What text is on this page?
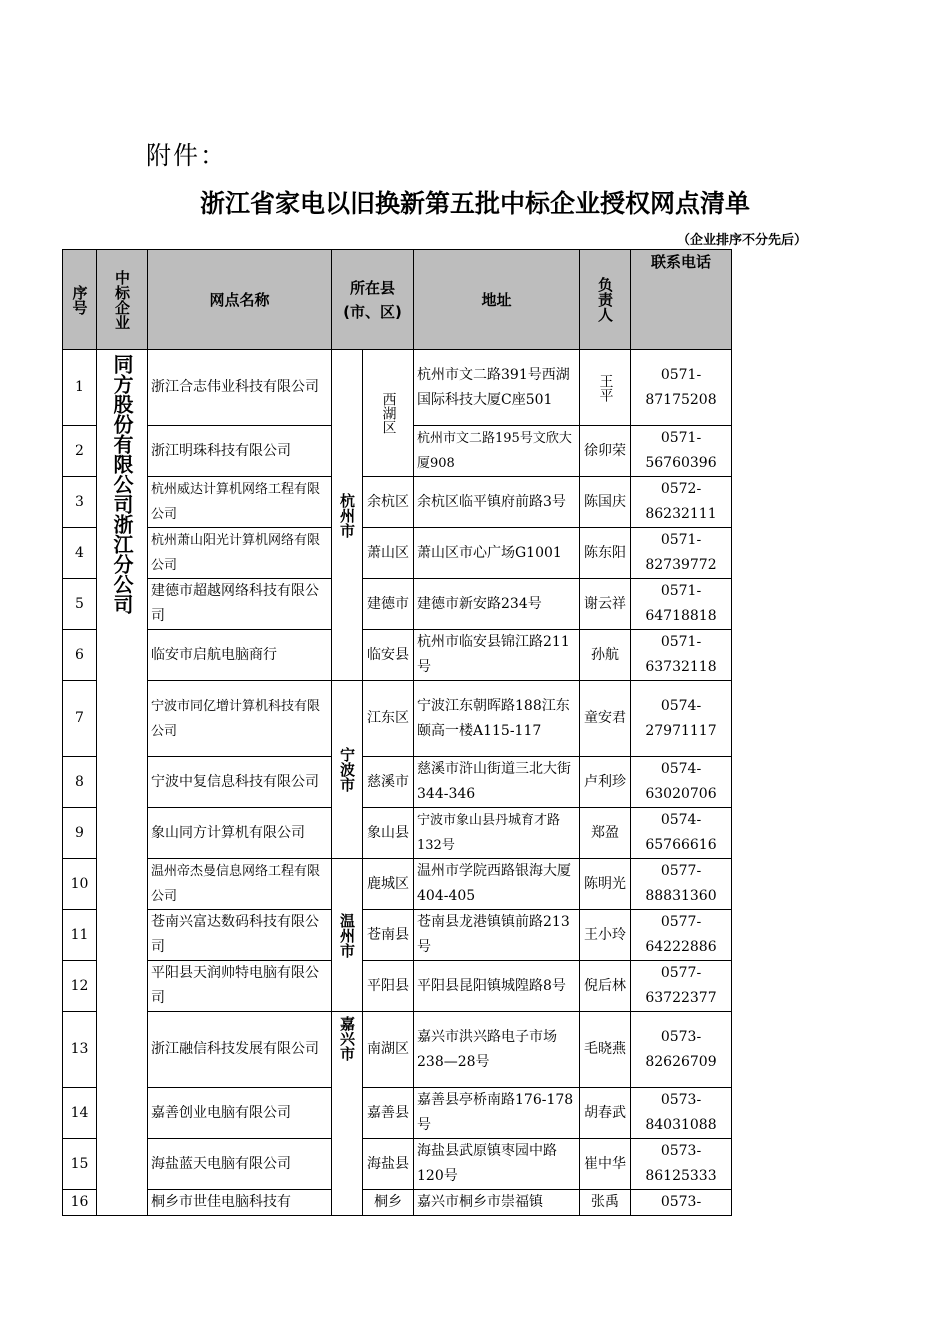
附件：
浙江省家电以旧换新第五批中标企业授权网点清单
（企业排序不分先后）
序号	中标企业	网点名称	所在县(市、区)		地址	负责人	联系电话
1	同方股份有限公司浙江分公司	浙江合志伟业科技有限公司	杭州市	西湖区	杭州市文二路391号西湖国际科技大厦C座501	王平	0571-87175208
2		浙江明珠科技有限公司			杭州市文二路195号文欣大厦908	徐卯荣	0571-56760396
3		杭州威达计算机网络工程有限公司		余杭区	余杭区临平镇府前路3号	陈国庆	0572-86232111
4		杭州萧山阳光计算机网络有限公司		萧山区	萧山区市心广场G1001	陈东阳	0571-82739772
5		建德市超越网络科技有限公司		建德市	建德市新安路234号	谢云祥	0571-64718818
6		临安市启航电脑商行		临安县	杭州市临安县锦江路211号	孙航	0571-63732118
7		宁波市同亿增计算机科技有限公司	宁波市	江东区	宁波江东朝晖路188江东颐高一楼A115-117	童安君	0574-27971117
8		宁波中复信息科技有限公司		慈溪市	慈溪市浒山街道三北大街344-346	卢利珍	0574-63020706
9		象山同方计算机有限公司		象山县	宁波市象山县丹城育才路132号	郑盈	0574-65766616
10		温州帝杰曼信息网络工程有限公司	温州市	鹿城区	温州市学院西路银海大厦404-405	陈明光	0577-88831360
11		苍南兴富达数码科技有限公司		苍南县	苍南县龙港镇镇前路213号	王小玲	0577-64222886
12		平阳县天润帅特电脑有限公司		平阳县	平阳县昆阳镇城隍路8号	倪后林	0577-63722377
13		浙江融信科技发展有限公司	嘉兴市	南湖区	嘉兴市洪兴路电子市场238—28号	毛晓燕	0573-82626709
14		嘉善创业电脑有限公司		嘉善县	嘉善县亭桥南路176-178号	胡春武	0573-84031088
15		海盐蓝天电脑有限公司		海盐县	海盐县武原镇枣园中路120号	崔中华	0573-86125333
16		桐乡市世佳电脑科技有		桐乡	嘉兴市桐乡市崇福镇	张禹	0573-
